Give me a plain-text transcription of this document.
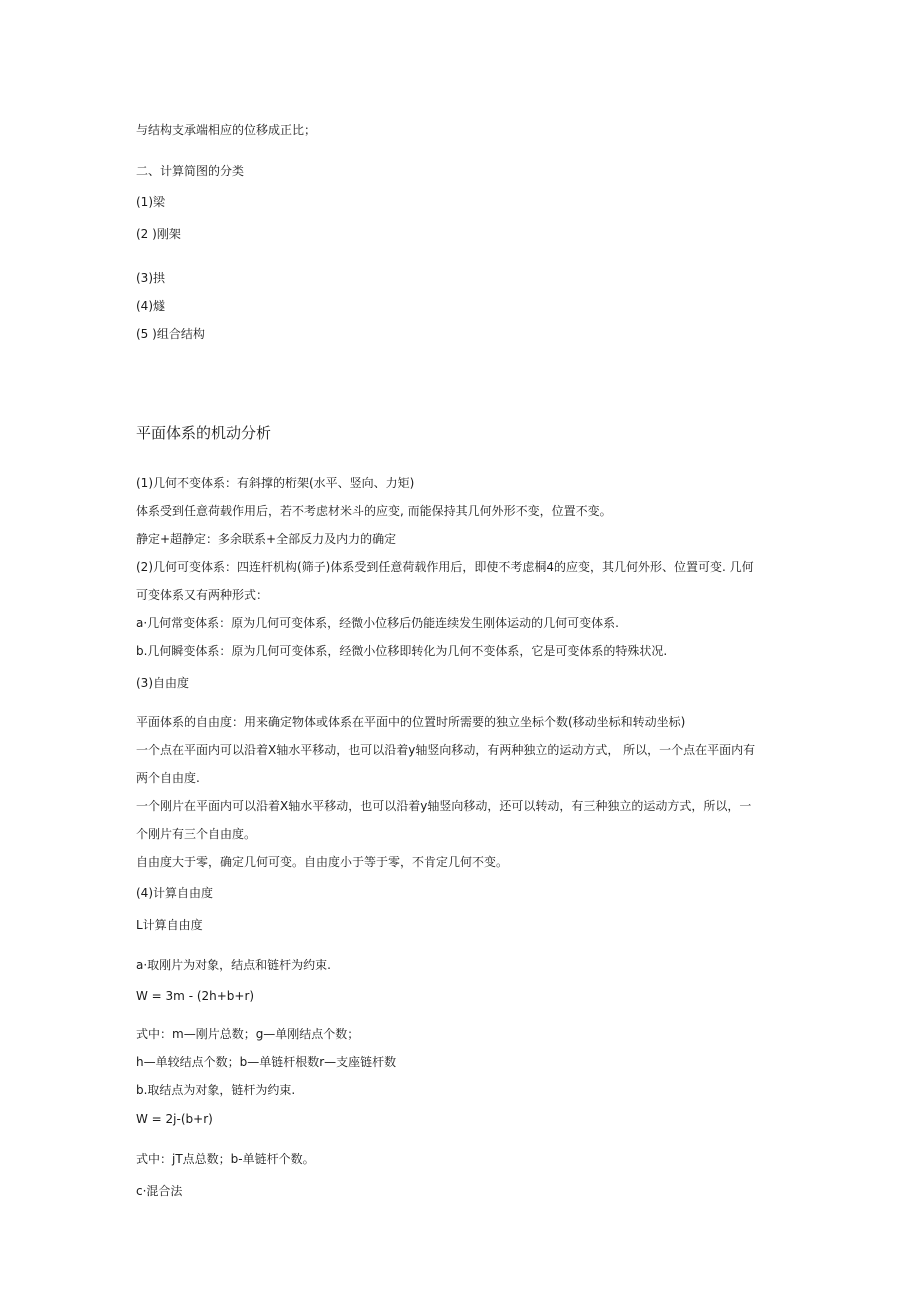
与结构支承端相应的位移成正比；
二、计算简图的分类
(1)梁
(2 )刚架
(3)拱
(4)燧
(5 )组合结构
平面体系的机动分析
(1)几何不变体系：有斜撑的桁架(水平、竖向、力矩)
体系受到任意荷载作用后，若不考虑材米斗的应变, 而能保持其几何外形不变，位置不变。
静定+超静定：多余联系+全部反力及内力的确定
(2)几何可变体系：四连杆机构(筛子)体系受到任意荷载作用后，即使不考虑桐4的应变，其几何外形、位置可变. 几何
可变体系又有两种形式：
a·几何常变体系：原为几何可变体系，经微小位移后仍能连续发生刚体运动的几何可变体系.
b.几何瞬变体系：原为几何可变体系，经微小位移即转化为几何不变体系，它是可变体系的特殊状况.
(3)自由度
平面体系的自由度：用来确定物体或体系在平面中的位置时所需要的独立坐标个数(移动坐标和转动坐标)
一个点在平面内可以沿着X轴水平移动，也可以沿着y轴竖向移动，有两种独立的运动方式， 所以，一个点在平面内有
两个自由度.
一个刚片在平面内可以沿着X轴水平移动，也可以沿着y轴竖向移动，还可以转动，有三种独立的运动方式，所以，一
个刚片有三个自由度。
自由度大于零，确定几何可变。自由度小于等于零，不肯定几何不变。
(4)计算自由度
L计算自由度
a·取刚片为对象，结点和链杆为约束.
W = 3m - (2h+b+r)
式中：m—刚片总数；g—单刚结点个数；
h—单较结点个数；b—单链杆根数r—支座链杆数
b.取结点为对象，链杆为约束.
W = 2j-(b+r)
式中：jT点总数；b-单链杆个数。
c·混合法
